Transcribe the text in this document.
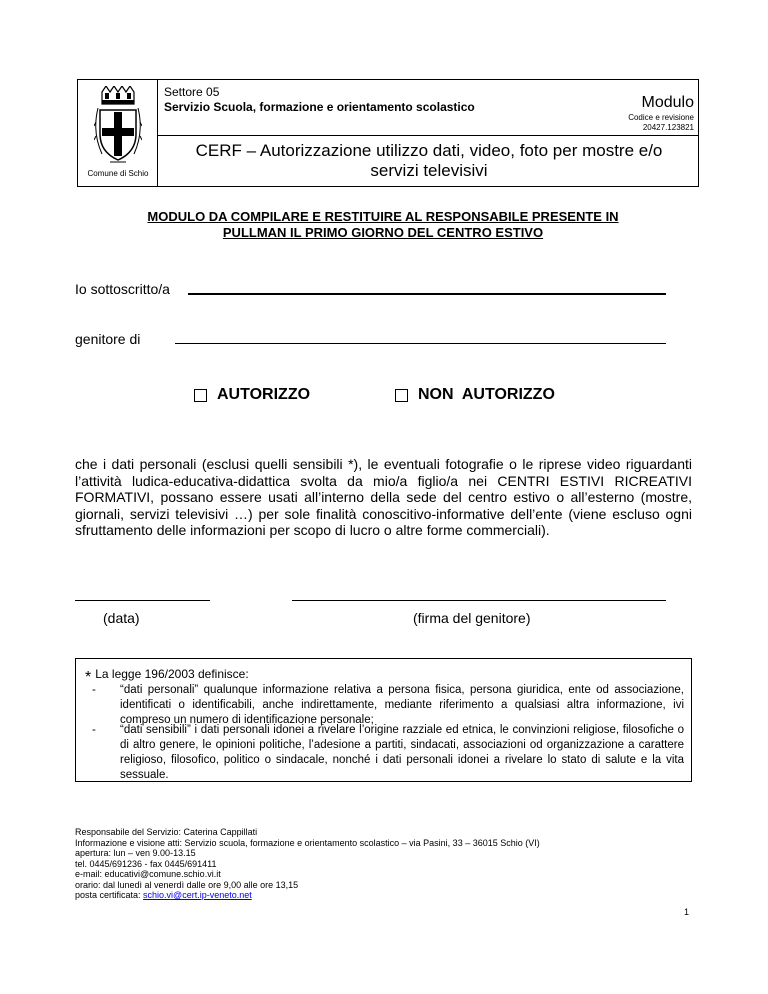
Comune di Schio
Settore 05
Servizio Scuola, formazione e orientamento scolastico	Modulo
Codice e revisione
20427.123821
CERF – Autorizzazione utilizzo dati, video, foto per mostre e/o
servizi televisivi
MODULO DA COMPILARE E RESTITUIRE AL RESPONSABILE PRESENTE IN
PULLMAN IL PRIMO GIORNO DEL CENTRO ESTIVO
Io sottoscritto/a
genitore di
AUTORIZZO	NON  AUTORIZZO
che i dati personali (esclusi quelli sensibili *), le eventuali fotografie o le riprese video riguardanti l’attività ludica-educativa-didattica svolta da mio/a figlio/a nei CENTRI ESTIVI RICREATIVI FORMATIVI, possano essere usati all’interno della sede del centro estivo o all’esterno (mostre, giornali, servizi televisivi …) per sole finalità conoscitivo-informative dell’ente (viene escluso ogni sfruttamento delle informazioni per scopo di lucro o altre forme commerciali).
(data)	(firma del genitore)
* La legge 196/2003 definisce:
- “dati personali” qualunque informazione relativa a persona fisica, persona giuridica, ente od associazione, identificati o identificabili, anche indirettamente, mediante riferimento a qualsiasi altra informazione, ivi compreso un numero di identificazione personale;
- “dati sensibili” i dati personali idonei a rivelare l’origine razziale ed etnica, le convinzioni religiose, filosofiche o di altro genere, le opinioni politiche, l’adesione a partiti, sindacati, associazioni od organizzazione a carattere religioso, filosofico, politico o sindacale, nonché i dati personali idonei a rivelare lo stato di salute e la vita sessuale.
Responsabile del Servizio: Caterina Cappillati
Informazione e visione atti: Servizio scuola, formazione e orientamento scolastico – via Pasini, 33 – 36015 Schio (VI)
apertura: lun – ven 9.00-13.15
tel. 0445/691236 - fax 0445/691411
e-mail: educativi@comune.schio.vi.it
orario: dal lunedì al venerdì dalle ore 9,00 alle ore 13,15
posta certificata: schio.vi@cert.ip-veneto.net
1
